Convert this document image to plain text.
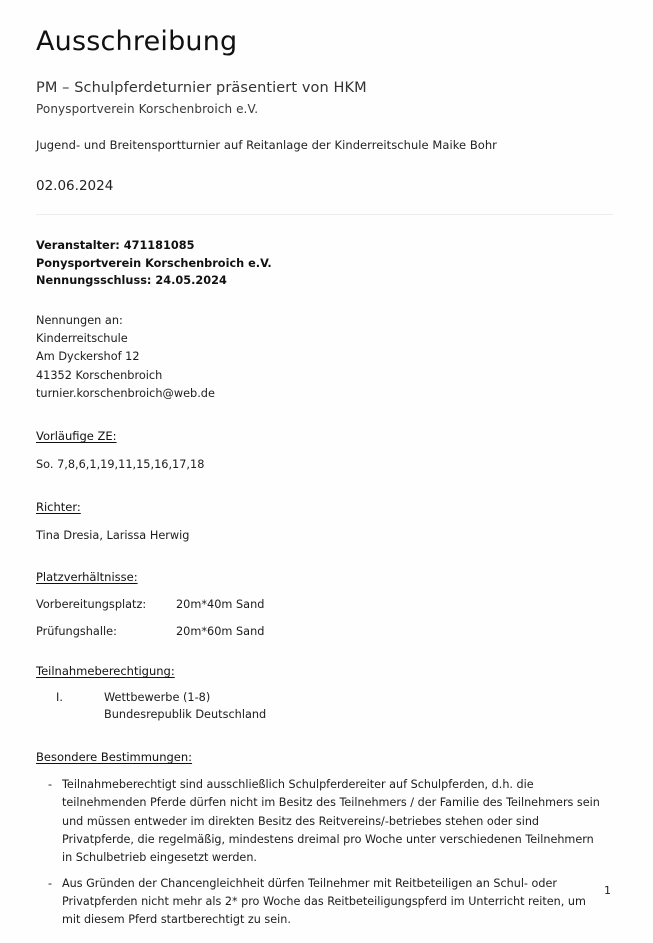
Ausschreibung
PM – Schulpferdeturnier präsentiert von HKM
Ponysportverein Korschenbroich e.V.
Jugend- und Breitensportturnier auf Reitanlage der Kinderreitschule Maike Bohr
02.06.2024
Veranstalter: 471181085
Ponysportverein Korschenbroich e.V.
Nennungsschluss: 24.05.2024
Nennungen an:
Kinderreitschule
Am Dyckershof 12
41352 Korschenbroich
turnier.korschenbroich@web.de
Vorläufige ZE:
So. 7,8,6,1,19,11,15,16,17,18
Richter:
Tina Dresia, Larissa Herwig
Platzverhältnisse:
Vorbereitungsplatz:	20m*40m Sand
Prüfungshalle:	20m*60m Sand
Teilnahmeberechtigung:
I.	Wettbewerbe (1-8)
Bundesrepublik Deutschland
Besondere Bestimmungen:
- Teilnahmeberechtigt sind ausschließlich Schulpferdereiter auf Schulpferden, d.h. die teilnehmenden Pferde dürfen nicht im Besitz des Teilnehmers / der Familie des Teilnehmers sein und müssen entweder im direkten Besitz des Reitvereins/-betriebes stehen oder sind Privatpferde, die regelmäßig, mindestens dreimal pro Woche unter verschiedenen Teilnehmern in Schulbetrieb eingesetzt werden.
- Aus Gründen der Chancengleichheit dürfen Teilnehmer mit Reitbeteiligen an Schul- oder Privatpferden nicht mehr als 2* pro Woche das Reitbeteiligungspferd im Unterricht reiten, um mit diesem Pferd startberechtigt zu sein.
1
